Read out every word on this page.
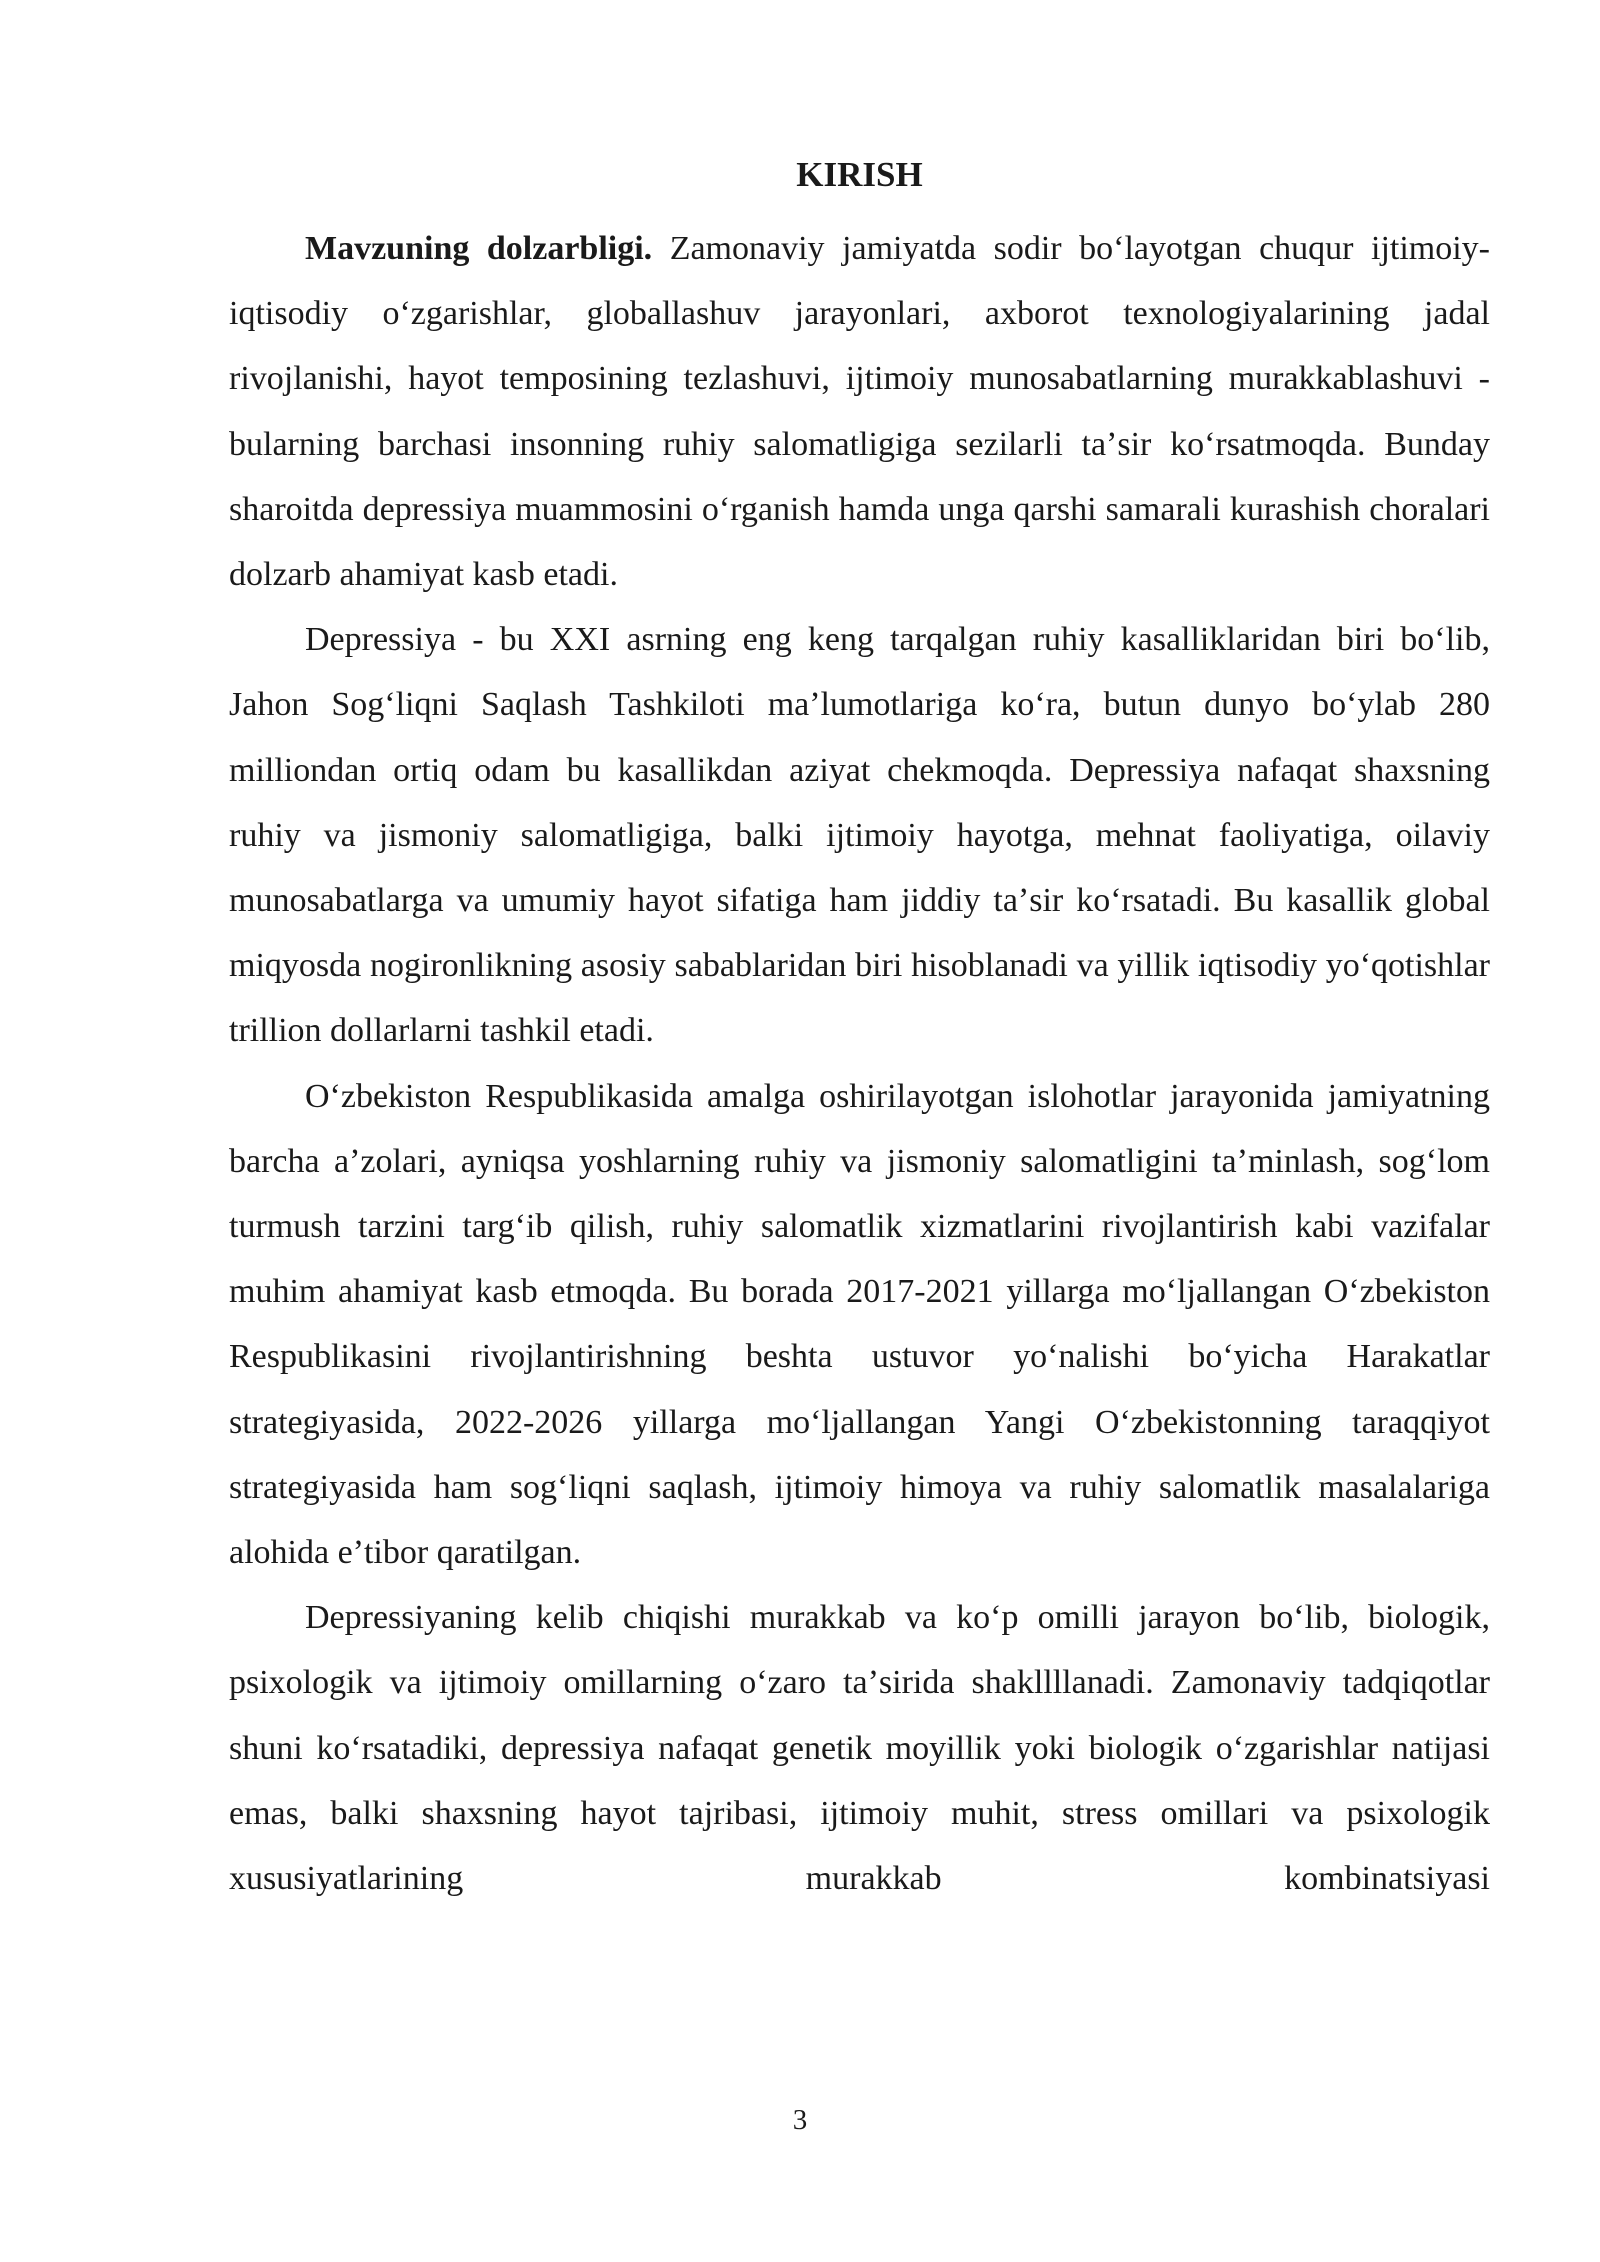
KIRISH

Mavzuning dolzarbligi. Zamonaviy jamiyatda sodir boʻlayotgan chuqur ijtimoiy-iqtisodiy oʻzgarishlar, globallashuv jarayonlari, axborot texnologiyalarining jadal rivojlanishi, hayot temposining tezlashuvi, ijtimoiy munosabatlarning murakkablashuvi - bularning barchasi insonning ruhiy salomatligiga sezilarli taʼsir koʻrsatmoqda. Bunday sharoitda depressiya muammosini oʻrganish hamda unga qarshi samarali kurashish choralari dolzarb ahamiyat kasb etadi.

Depressiya - bu XXI asrning eng keng tarqalgan ruhiy kasalliklaridan biri boʻlib, Jahon Sogʻliqni Saqlash Tashkiloti maʼlumotlariga koʻra, butun dunyo boʻylab 280 milliondan ortiq odam bu kasallikdan aziyat chekmoqda. Depressiya nafaqat shaxsning ruhiy va jismoniy salomatligiga, balki ijtimoiy hayotga, mehnat faoliyatiga, oilaviy munosabatlarga va umumiy hayot sifatiga ham jiddiy taʼsir koʻrsatadi. Bu kasallik global miqyosda nogironlikning asosiy sabablaridan biri hisoblanadi va yillik iqtisodiy yoʻqotishlar trillion dollarlarni tashkil etadi.

Oʻzbekiston Respublikasida amalga oshirilayotgan islohotlar jarayonida jamiyatning barcha aʼzolari, ayniqsa yoshlarning ruhiy va jismoniy salomatligini taʼminlash, sogʻlom turmush tarzini targʻib qilish, ruhiy salomatlik xizmatlarini rivojlantirish kabi vazifalar muhim ahamiyat kasb etmoqda. Bu borada 2017-2021 yillarga moʻljallangan Oʻzbekiston Respublikasini rivojlantirishning beshta ustuvor yoʻnalishi boʻyicha Harakatlar strategiyasida, 2022-2026 yillarga moʻljallangan Yangi Oʻzbekistonning taraqqiyot strategiyasida ham sogʻliqni saqlash, ijtimoiy himoya va ruhiy salomatlik masalalariga alohida eʼtibor qaratilgan.

Depressiyaning kelib chiqishi murakkab va koʻp omilli jarayon boʻlib, biologik, psixologik va ijtimoiy omillarning oʻzaro taʼsirida shakllllanadi. Zamonaviy tadqiqotlar shuni koʻrsatadiki, depressiya nafaqat genetik moyillik yoki biologik oʻzgarishlar natijasi emas, balki shaxsning hayot tajribasi, ijtimoiy muhit, stress omillari va psixologik xususiyatlarining murakkab kombinatsiyasi

3
